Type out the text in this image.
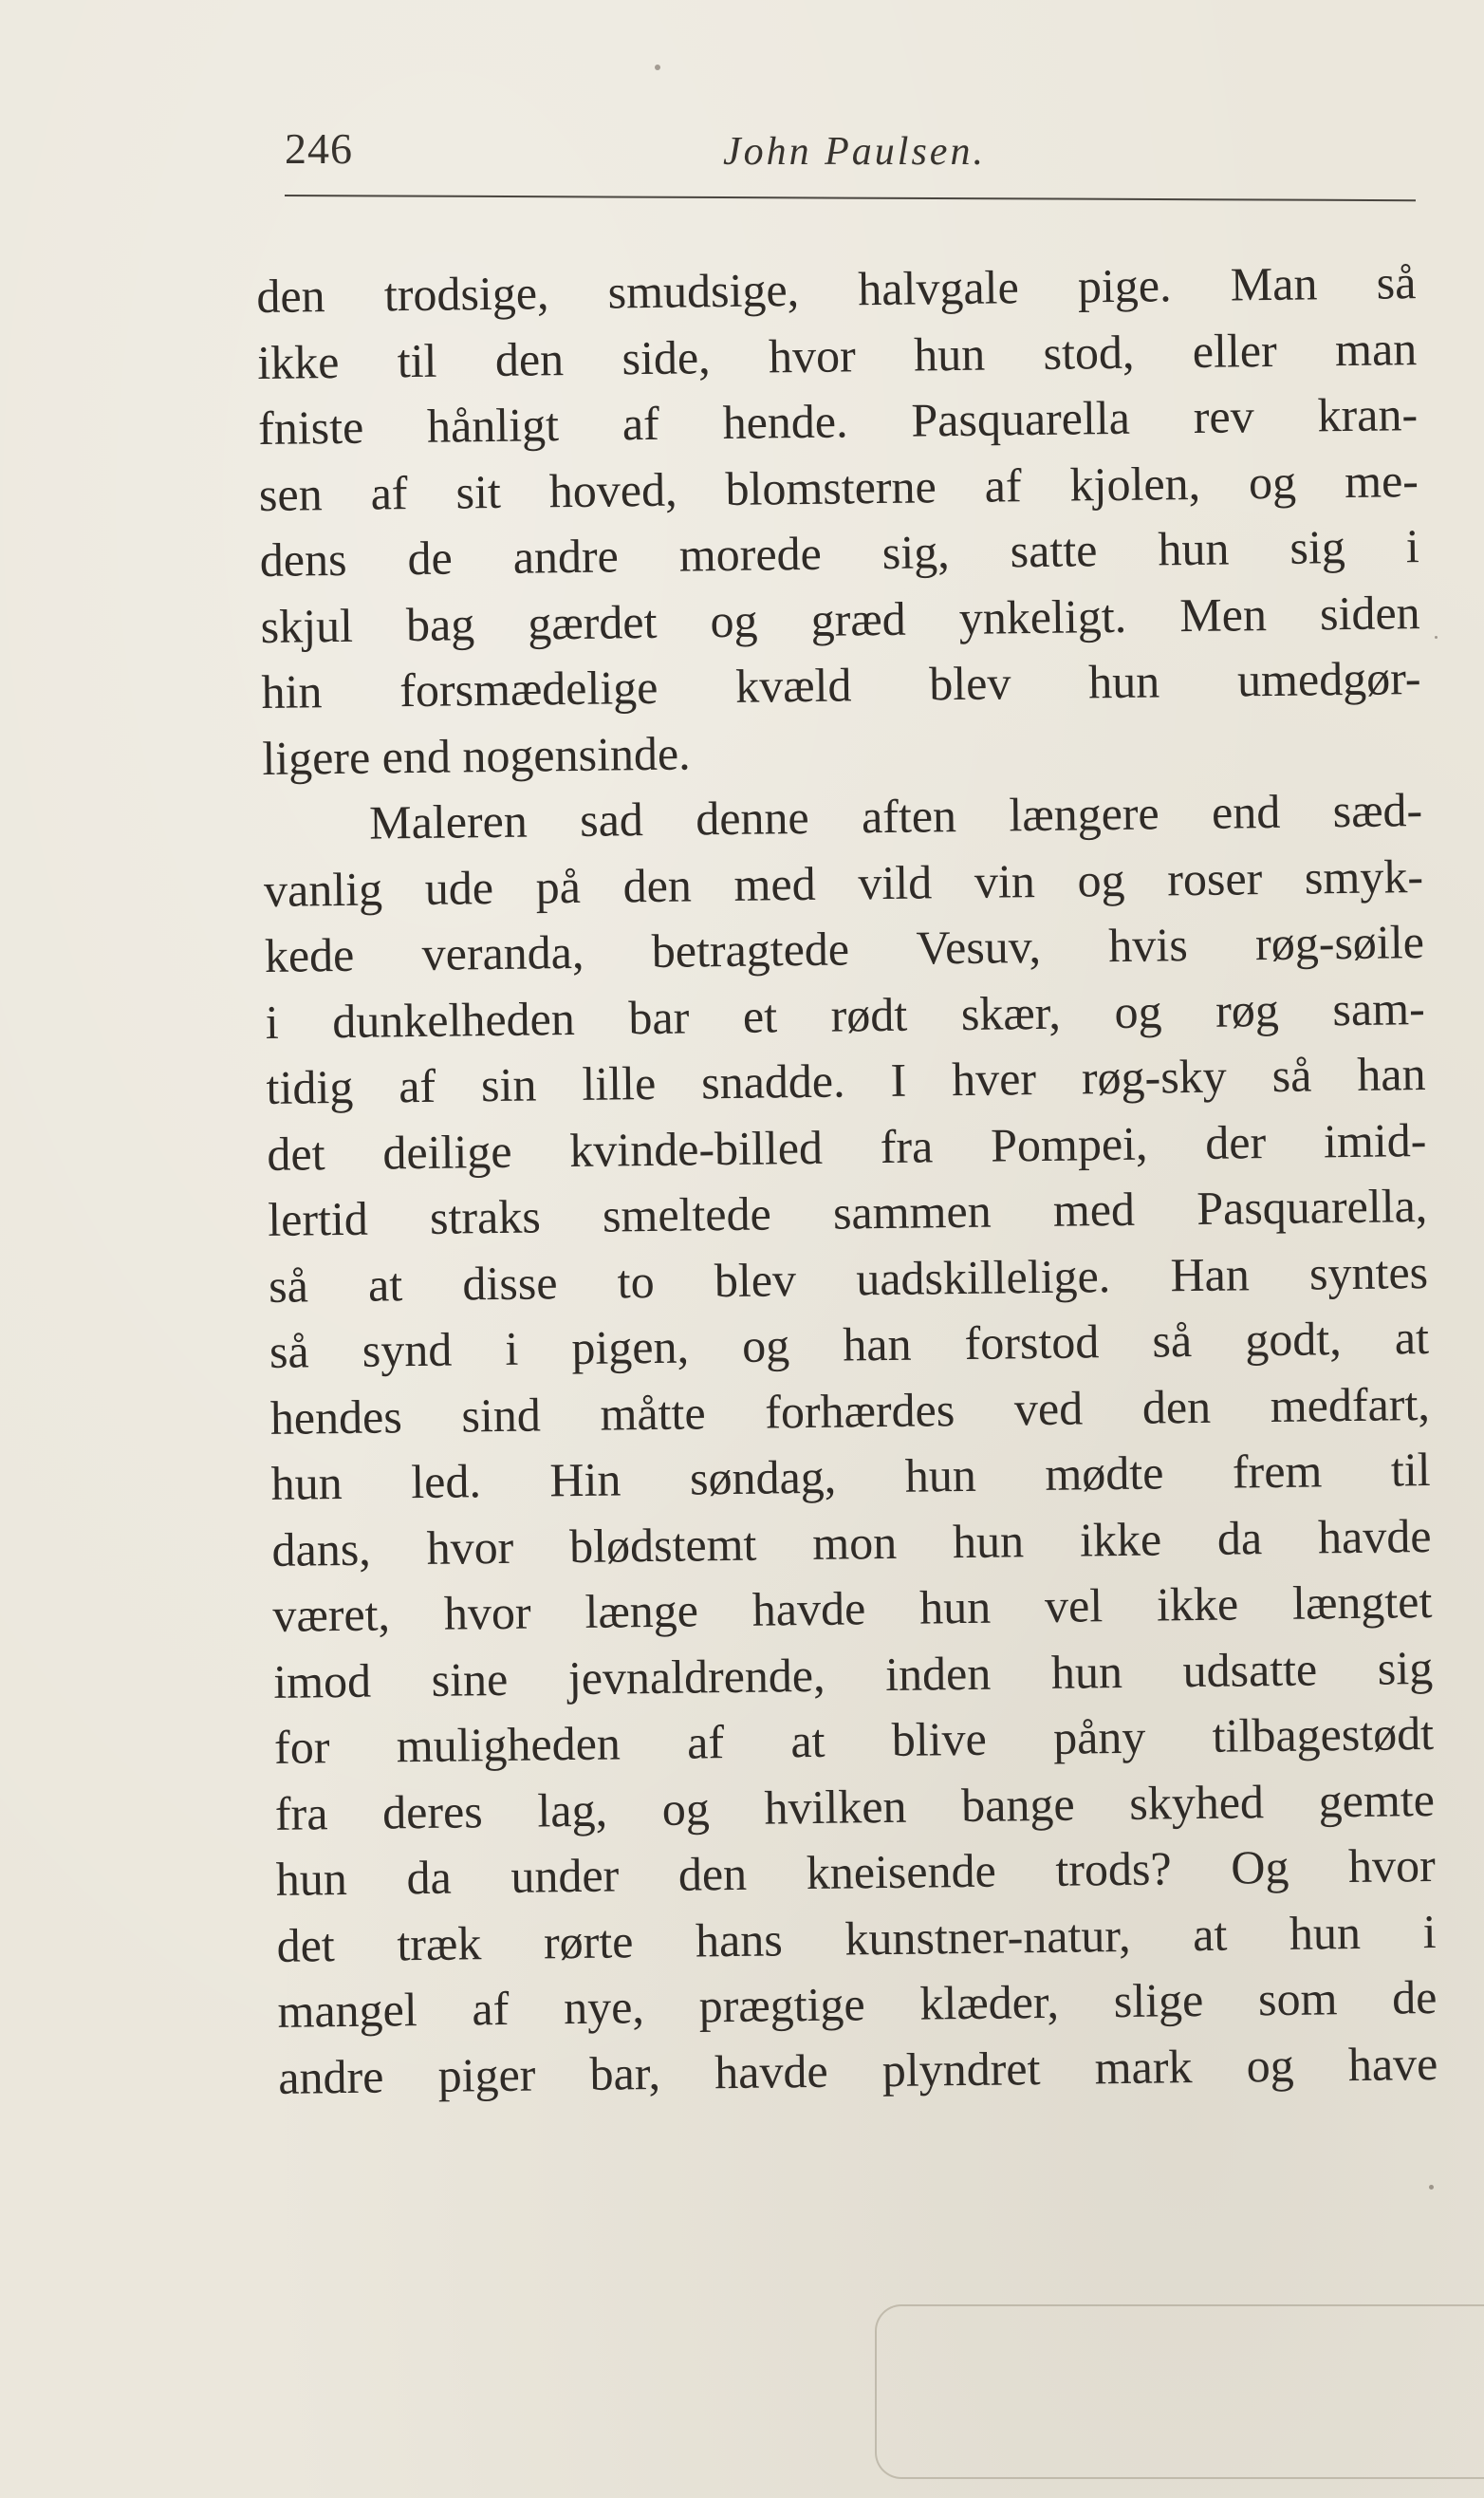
246	John Paulsen.
den trodsige, smudsige, halvgale pige. Man så
ikke til den side, hvor hun stod, eller man
fniste hånligt af hende. Pasquarella rev kran-
sen af sit hoved, blomsterne af kjolen, og me-
dens de andre morede sig, satte hun sig i
skjul bag gærdet og græd ynkeligt. Men siden
hin forsmædelige kvæld blev hun umedgør-
ligere end nogensinde.
Maleren sad denne aften længere end sæd-
vanlig ude på den med vild vin og roser smyk-
kede veranda, betragtede Vesuv, hvis røg-søile
i dunkelheden bar et rødt skær, og røg sam-
tidig af sin lille snadde. I hver røg-sky så han
det deilige kvinde-billed fra Pompei, der imid-
lertid straks smeltede sammen med Pasquarella,
så at disse to blev uadskillelige. Han syntes
så synd i pigen, og han forstod så godt, at
hendes sind måtte forhærdes ved den medfart,
hun led. Hin søndag, hun mødte frem til
dans, hvor blødstemt mon hun ikke da havde
været, hvor længe havde hun vel ikke længtet
imod sine jevnaldrende, inden hun udsatte sig
for muligheden af at blive påny tilbagestødt
fra deres lag, og hvilken bange skyhed gemte
hun da under den kneisende trods? Og hvor
det træk rørte hans kunstner-natur, at hun i
mangel af nye, prægtige klæder, slige som de
andre piger bar, havde plyndret mark og have
